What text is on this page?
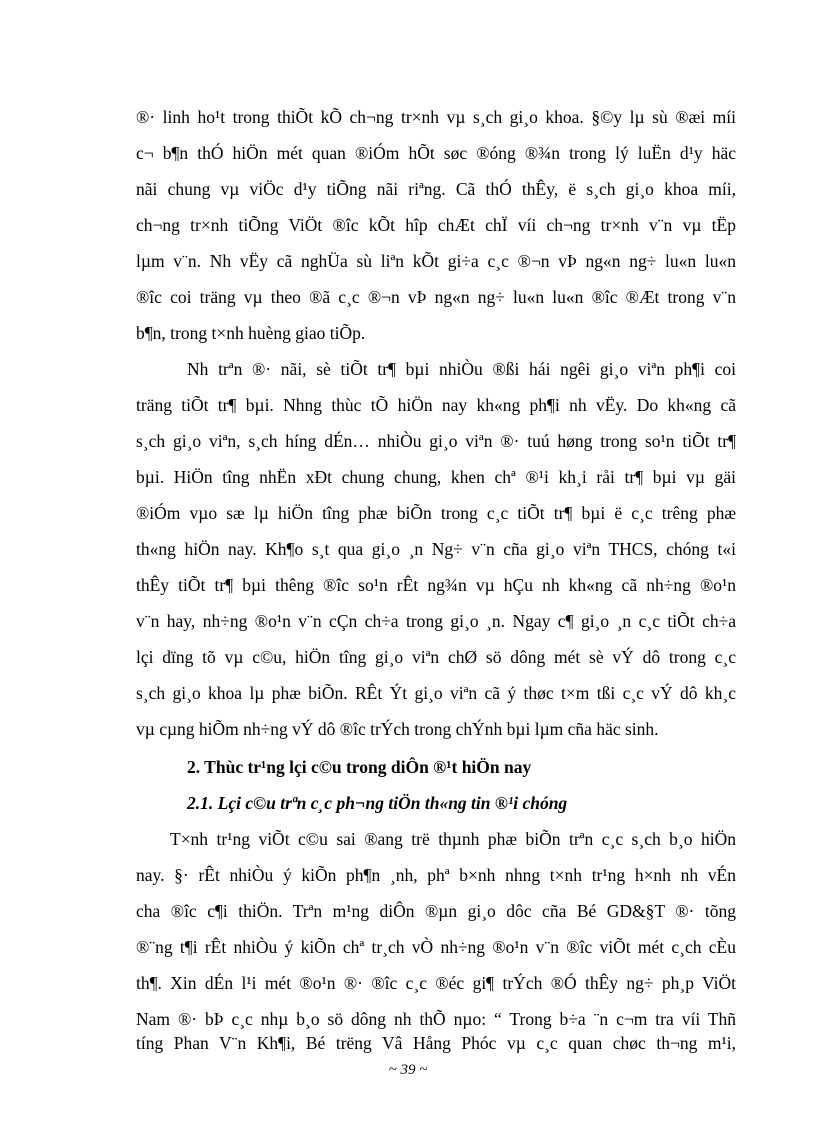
®· linh ho¹t trong thiÕt kÕ ch¬ng tr×nh vµ s¸ch gi¸o khoa. §©y lµ sù ®æi míi
c¬ b¶n thÓ hiÖn mét quan ®iÓm hÕt søc ®óng ®¾n trong lý luËn d¹y häc
nãi chung vµ viÖc d¹y tiÕng nãi riªng. Cã thÓ thÊy, ë s¸ch gi¸o khoa míi,
ch¬ng tr×nh tiÕng ViÖt ®îc kÕt hîp chÆt chÏ víi ch¬ng tr×nh v¨n vµ tËp
lµm v¨n. Nh vËy cã nghÜa sù liªn kÕt gi÷a c¸c ®¬n vÞ ng«n ng÷ lu«n lu«n
®îc coi träng vµ theo ®ã c¸c ®¬n vÞ ng«n ng÷ lu«n lu«n ®îc ®Æt trong v¨n
b¶n, trong t×nh huèng giao tiÕp.
Nh trªn ®· nãi, sè tiÕt tr¶ bµi nhiÒu ®ßi hái ngêi gi¸o viªn ph¶i coi
träng tiÕt tr¶ bµi. Nhng thùc tÕ hiÖn nay kh«ng ph¶i nh vËy. Do kh«ng cã
s¸ch gi¸o viªn, s¸ch híng dÉn… nhiÒu gi¸o viªn ®· tuú høng trong so¹n tiÕt tr¶
bµi. HiÖn tîng nhËn xÐt chung chung, khen chª ®¹i kh¸i råi tr¶ bµi vµ gäi
®iÓm vµo sæ lµ hiÖn tîng phæ biÕn trong c¸c tiÕt tr¶ bµi ë c¸c trêng phæ
th«ng hiÖn nay. Kh¶o s¸t qua gi¸o ¸n Ng÷ v¨n cña gi¸o viªn THCS, chóng t«i
thÊy tiÕt tr¶ bµi thêng ®îc so¹n rÊt ng¾n vµ hÇu nh kh«ng cã nh÷ng ®o¹n
v¨n hay, nh÷ng ®o¹n v¨n cÇn ch÷a trong gi¸o ¸n. Ngay c¶ gi¸o ¸n c¸c tiÕt ch÷a
lçi dïng tõ vµ c©u, hiÖn tîng gi¸o viªn chØ sö dông mét sè vÝ dô trong c¸c
s¸ch gi¸o khoa lµ phæ biÕn. RÊt Ýt gi¸o viªn cã ý thøc t×m tßi c¸c vÝ dô kh¸c
vµ cµng hiÕm nh÷ng vÝ dô ®îc trÝch trong chÝnh bµi lµm cña häc sinh.
2. Thùc tr¹ng lçi c©u trong diÔn ®¹t hiÖn nay
2.1. Lçi c©u trªn c¸c ph¬ng tiÖn th«ng tin ®¹i chóng
T×nh tr¹ng viÕt c©u sai ®ang trë thµnh phæ biÕn trªn c¸c s¸ch b¸o hiÖn
nay. §· rÊt nhiÒu ý kiÕn ph¶n ¸nh, phª b×nh nhng t×nh tr¹ng h×nh nh vÉn
cha ®îc c¶i thiÖn. Trªn m¹ng diÔn ®µn gi¸o dôc cña Bé GD&§T ®· tõng
®¨ng t¶i rÊt nhiÒu ý kiÕn chª tr¸ch vÒ nh÷ng ®o¹n v¨n ®îc viÕt mét c¸ch cÈu
th¶. Xin dÉn l¹i mét ®o¹n ®· ®îc c¸c ®éc gi¶ trÝch ®Ó thÊy ng÷ ph¸p ViÖt
Nam ®· bÞ c¸c nhµ b¸o sö dông nh thÕ nµo: “ Trong b÷a ¨n c¬m tra víi Thñ
~ 39 ~
tíng Phan V¨n Kh¶i, Bé trëng Vâ Hång Phóc vµ c¸c quan chøc th¬ng m¹i,
